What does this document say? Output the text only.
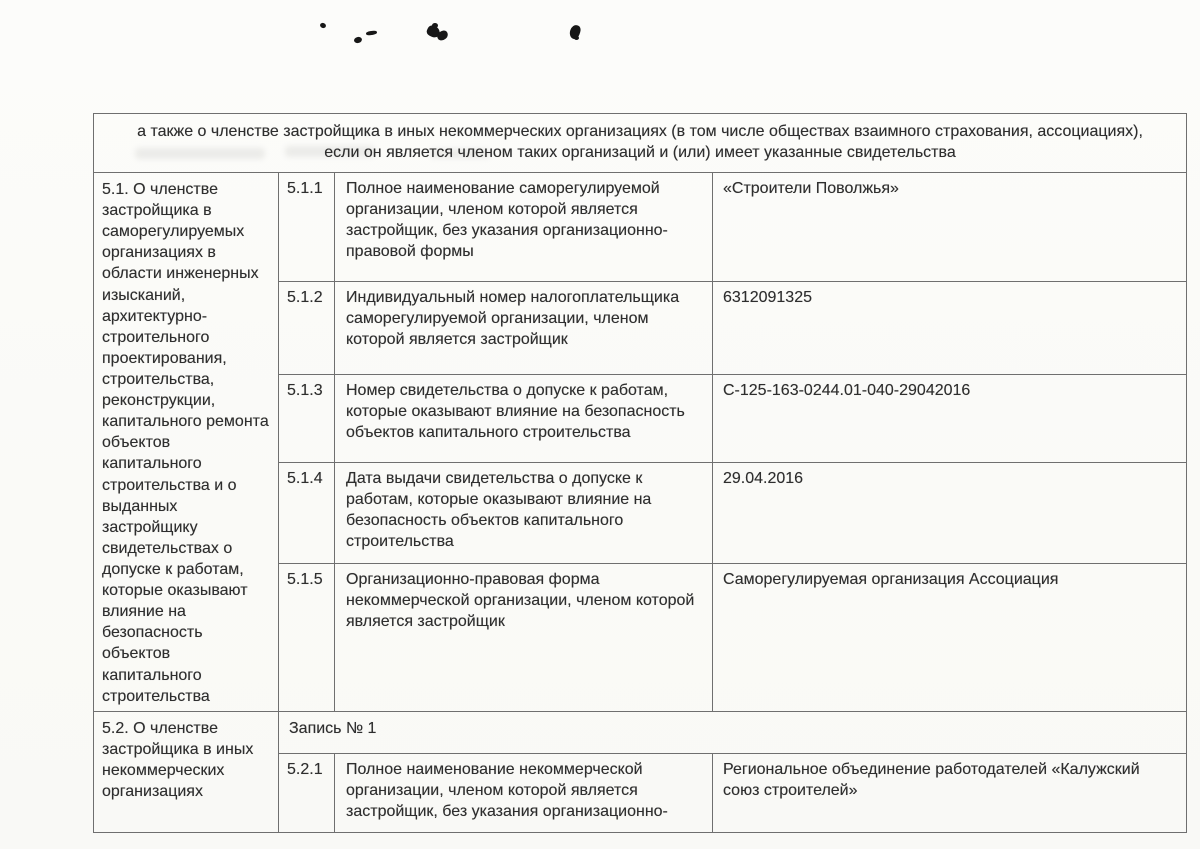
а также о членстве застройщика в иных некоммерческих организациях (в том числе обществах взаимного страхования, ассоциациях),
если он является членом таких организаций и (или) имеет указанные свидетельства			

5.1. О членстве застройщика в саморегулируемых организациях в области инженерных изысканий, архитектурно-строительного проектирования, строительства, реконструкции, капитального ремонта объектов капитального строительства и о выданных застройщику свидетельствах о допуске к работам, которые оказывают влияние на безопасность объектов капитального строительства	5.1.1	Полное наименование саморегулируемой организации, членом которой является застройщик, без указания организационно-правовой формы	«Строители Поволжья»
	5.1.2	Индивидуальный номер налогоплательщика саморегулируемой организации, членом которой является застройщик	6312091325
	5.1.3	Номер свидетельства о допуске к работам, которые оказывают влияние на безопасность объектов капитального строительства	С-125-163-0244.01-040-29042016
	5.1.4	Дата выдачи свидетельства о допуске к работам, которые оказывают влияние на безопасность объектов капитального строительства	29.04.2016
	5.1.5	Организационно-правовая форма некоммерческой организации, членом которой является застройщик	Саморегулируемая организация Ассоциация
5.2. О членстве застройщика в иных некоммерческих организациях	Запись № 1		
	5.2.1	Полное наименование некоммерческой организации, членом которой является застройщик, без указания организационно-	Региональное объединение работодателей «Калужский союз строителей»
